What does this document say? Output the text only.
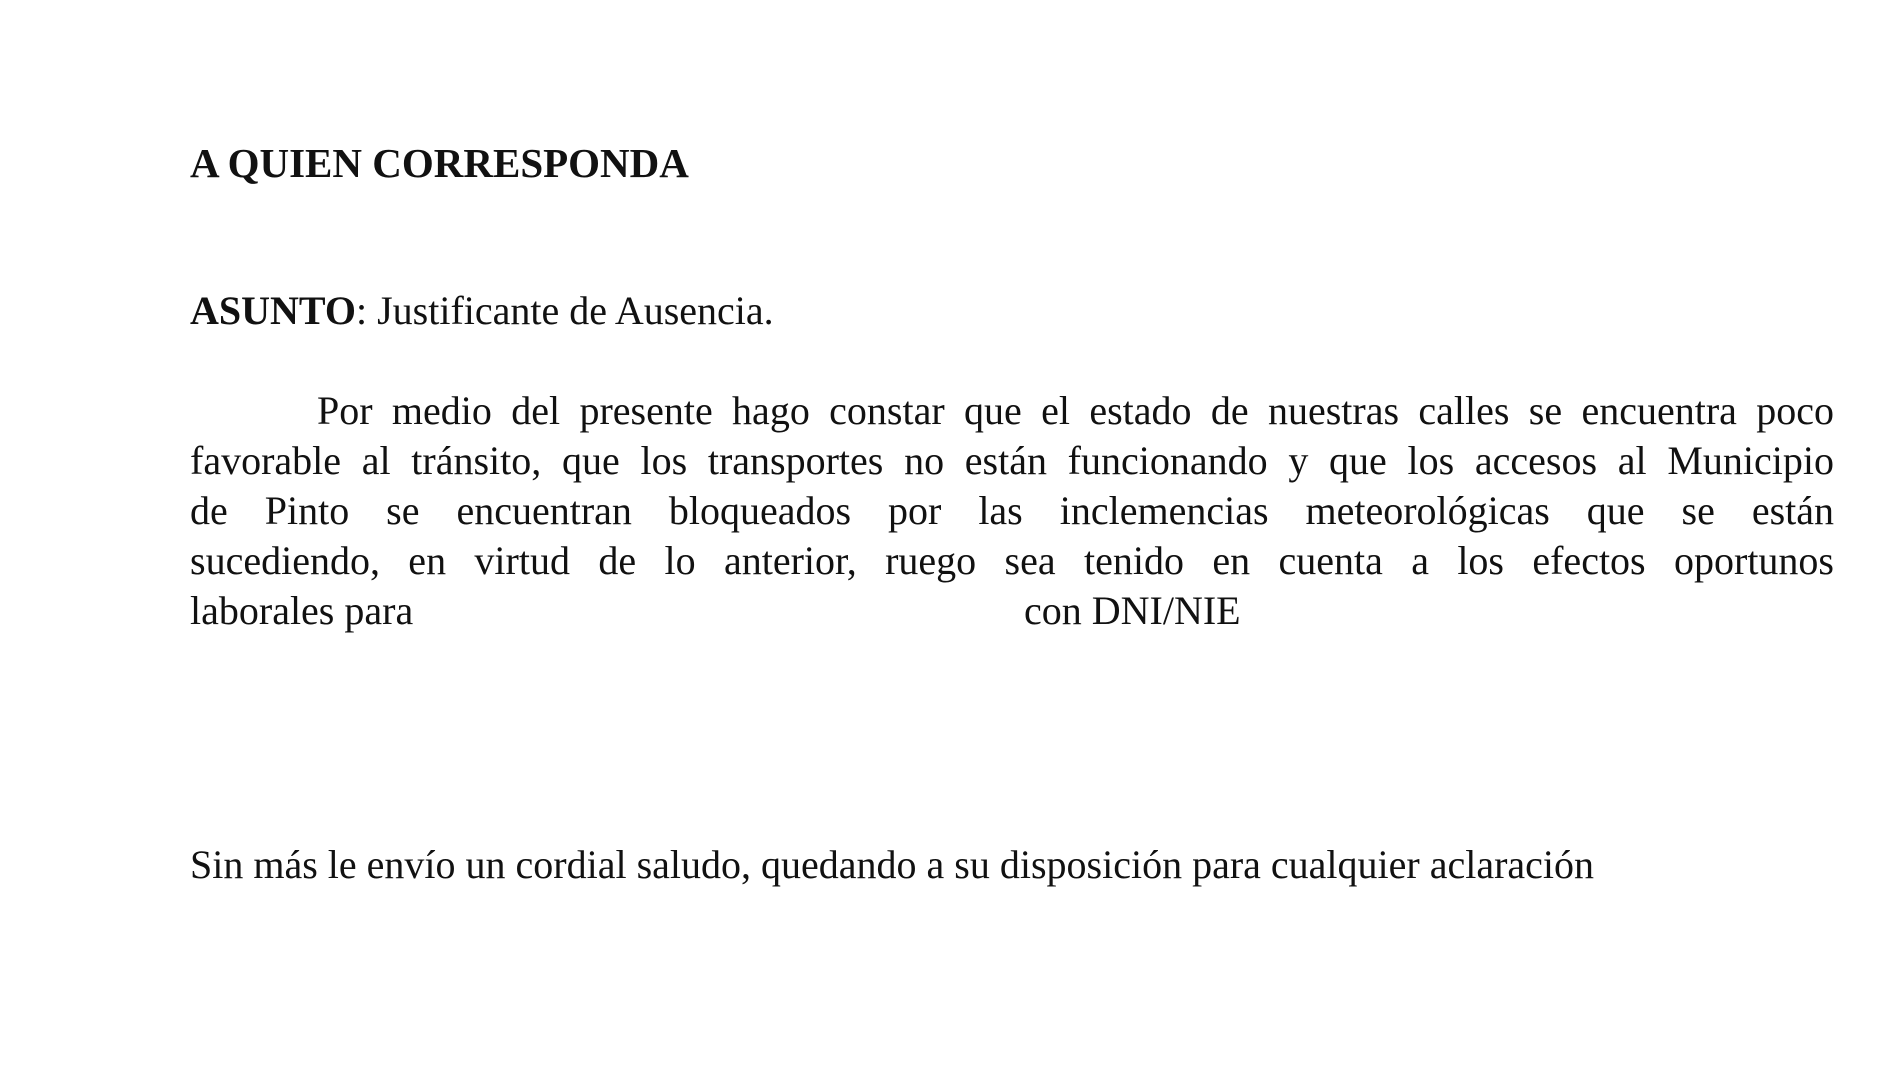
A QUIEN CORRESPONDA

ASUNTO: Justificante de Ausencia.

Por medio del presente hago constar que el estado de nuestras calles se encuentra poco
favorable al tránsito, que los transportes no están funcionando y que los accesos al Municipio
de Pinto se encuentran bloqueados por las inclemencias meteorológicas que se están
sucediendo, en virtud de lo anterior, ruego sea tenido en cuenta a los efectos oportunos
laborales para	con DNI/NIE

Sin más le envío un cordial saludo, quedando a su disposición para cualquier aclaración
